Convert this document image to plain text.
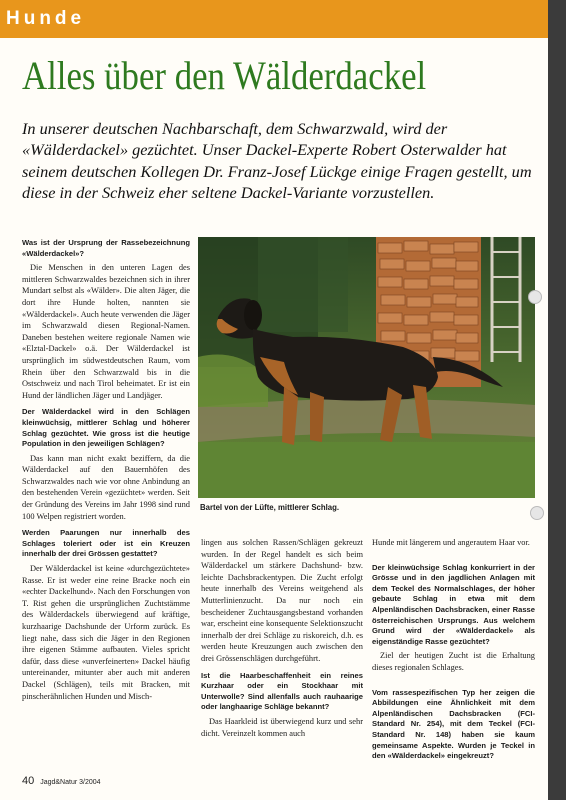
Hunde
Alles über den Wälderdackel
In unserer deutschen Nachbarschaft, dem Schwarzwald, wird der «Wälderdackel» gezüchtet. Unser Dackel-Experte Robert Osterwalder hat seinem deutschen Kollegen Dr. Franz-Josef Lückge einige Fragen gestellt, um diese in der Schweiz eher seltene Dackel-Variante vorzustellen.

Was ist der Ursprung der Rassebezeichnung «Wälderdackel»?

Die Menschen in den unteren Lagen des mittleren Schwarzwaldes bezeichnen sich in ihrer Mundart selbst als «Wälder». Die alten Jäger, die dort ihre Hunde holten, nannten sie «Wälderdackel». Auch heute verwenden die Jäger im Schwarzwald diesen Regional-Namen. Daneben bestehen weitere regionale Namen wie «Elztal-Dackel» o.ä. Der Wälderdackel ist ursprünglich im südwestdeutschen Raum, vom Rhein über den Schwarzwald bis in die Ostschweiz und nach Tirol beheimatet. Er ist ein Hund der ländlichen Jäger und Landjäger.

Der Wälderdackel wird in den Schlägen kleinwüchsig, mittlerer Schlag und höherer Schlag gezüchtet. Wie gross ist die heutige Population in den jeweiligen Schlägen?

Das kann man nicht exakt beziffern, da die Wälderdackel auf den Bauernhöfen des Schwarzwaldes nach wie vor ohne Anbindung an den bestehenden Verein «gezüchtet» werden. Seit der Gründung des Vereins im Jahr 1998 sind rund 100 Welpen registriert worden.

Werden Paarungen nur innerhalb des Schlages toleriert oder ist ein Kreuzen innerhalb der drei Grössen gestattet?

Der Wälderdackel ist keine «durchgezüchtete» Rasse. Er ist weder eine reine Bracke noch ein «echter Dackelhund». Nach den Forschungen von T. Rist gehen die ursprünglichen Zuchtstämme des Wälderdackels überwiegend auf kräftige, kurzhaarige Dachshunde der Urform zurück. Es liegt nahe, dass sich die Jäger in den Regionen ihre eigenen Stämme aufbauten. Vieles spricht dafür, dass diese «unverfeinerten» Dackel häufig untereinander, mitunter aber auch mit anderen Dackel (Schlägen), teils mit Bracken, mit pinscherähnlichen Hunden und Misch-

Bartel von der Lüfte, mittlerer Schlag.

lingen aus solchen Rassen/Schlägen gekreuzt wurden. In der Regel handelt es sich beim Wälderdackel um stärkere Dachshund- bzw. leichte Dachsbrackentypen. Die Zucht erfolgt heute innerhalb des Vereins weitgehend als Mutterlinienzucht. Da nur noch ein bescheidener Zuchtausgangsbestand vorhanden war, erscheint eine konsequente Selektionszucht innerhalb der drei Schläge zu riskoreich, d.h. es werden heute Kreuzungen auch zwischen den drei Grössenschlägen durchgeführt.

Ist die Haarbeschaffenheit ein reines Kurzhaar oder ein Stockhaar mit Unterwolle? Sind allenfalls auch rauhaarige oder langhaarige Schläge bekannt?

Das Haarkleid ist überwiegend kurz und sehr dicht. Vereinzelt kommen auch

Hunde mit längerem und angerautem Haar vor.

Der kleinwüchsige Schlag konkurriert in der Grösse und in den jagdlichen Anlagen mit dem Teckel des Normalschlages, der höher gebaute Schlag in etwa mit dem Alpenländischen Dachsbracken, einer Rasse österreichischen Ursprungs. Aus welchem Grund wird der «Wälderdackel» als eigenständige Rasse gezüchtet?

Ziel der heutigen Zucht ist die Erhaltung dieses regionalen Schlages.

Vom rassespezifischen Typ her zeigen die Abbildungen eine Ähnlichkeit mit dem Alpenländischen Dachsbracken (FCI-Standard Nr. 254), mit dem Teckel (FCI-Standard Nr. 148) haben sie kaum gemeinsame Aspekte. Wurden je Teckel in den «Wälderdackel» eingekreuzt?

40 Jagd&Natur 3/2004
